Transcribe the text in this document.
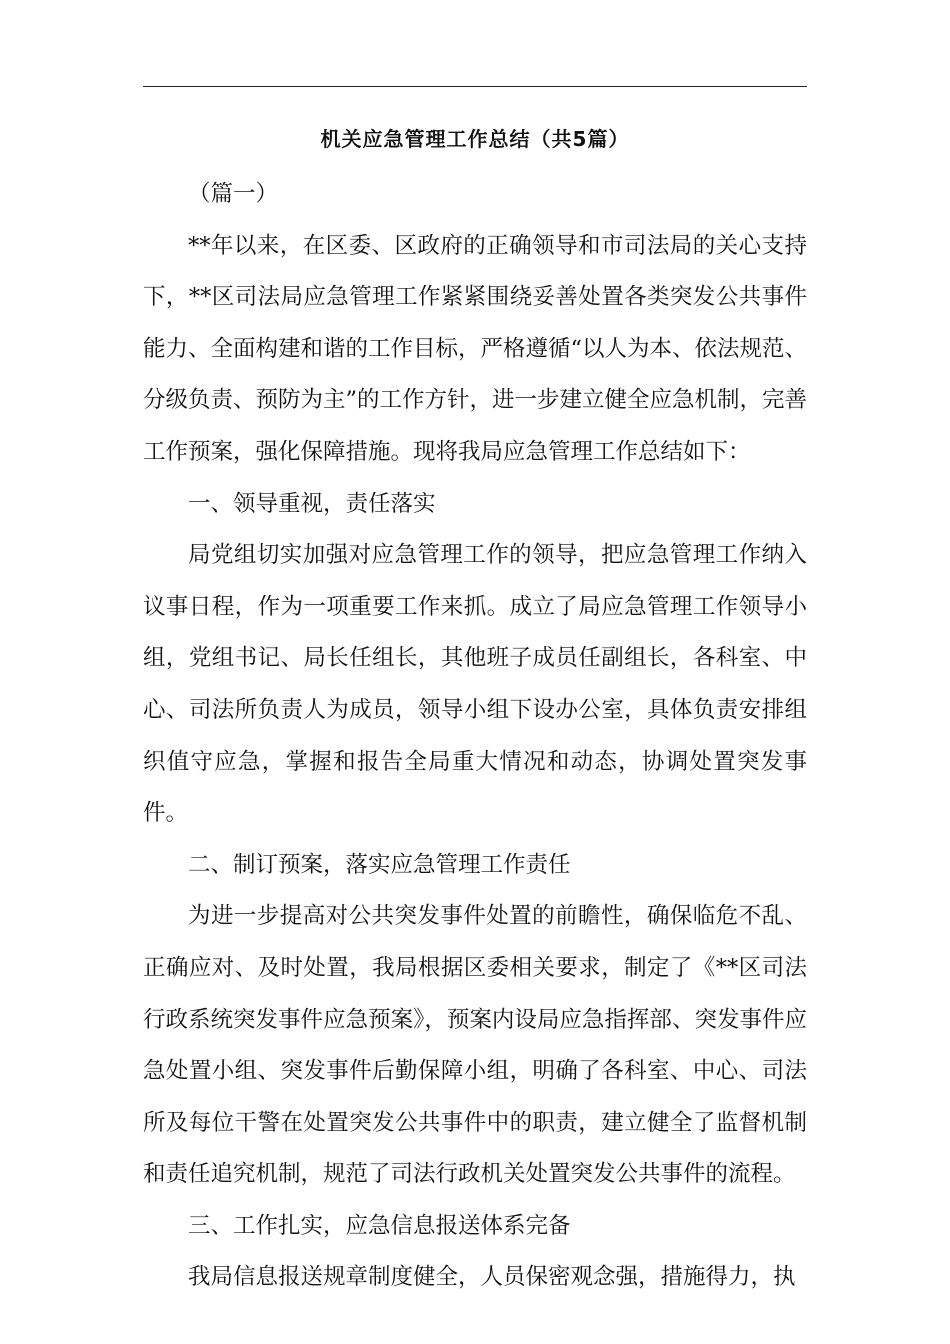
机关应急管理工作总结（共5篇）

（篇一）

**年以来，在区委、区政府的正确领导和市司法局的关心支持下，**区司法局应急管理工作紧紧围绕妥善处置各类突发公共事件能力、全面构建和谐的工作目标，严格遵循“以人为本、依法规范、分级负责、预防为主”的工作方针，进一步建立健全应急机制，完善工作预案，强化保障措施。现将我局应急管理工作总结如下：

一、领导重视，责任落实

局党组切实加强对应急管理工作的领导，把应急管理工作纳入议事日程，作为一项重要工作来抓。成立了局应急管理工作领导小组，党组书记、局长任组长，其他班子成员任副组长，各科室、中心、司法所负责人为成员，领导小组下设办公室，具体负责安排组织值守应急，掌握和报告全局重大情况和动态，协调处置突发事件。

二、制订预案，落实应急管理工作责任

为进一步提高对公共突发事件处置的前瞻性，确保临危不乱、正确应对、及时处置，我局根据区委相关要求，制定了《**区司法行政系统突发事件应急预案》，预案内设局应急指挥部、突发事件应急处置小组、突发事件后勤保障小组，明确了各科室、中心、司法所及每位干警在处置突发公共事件中的职责，建立健全了监督机制和责任追究机制，规范了司法行政机关处置突发公共事件的流程。

三、工作扎实，应急信息报送体系完备

我局信息报送规章制度健全，人员保密观念强，措施得力，执
